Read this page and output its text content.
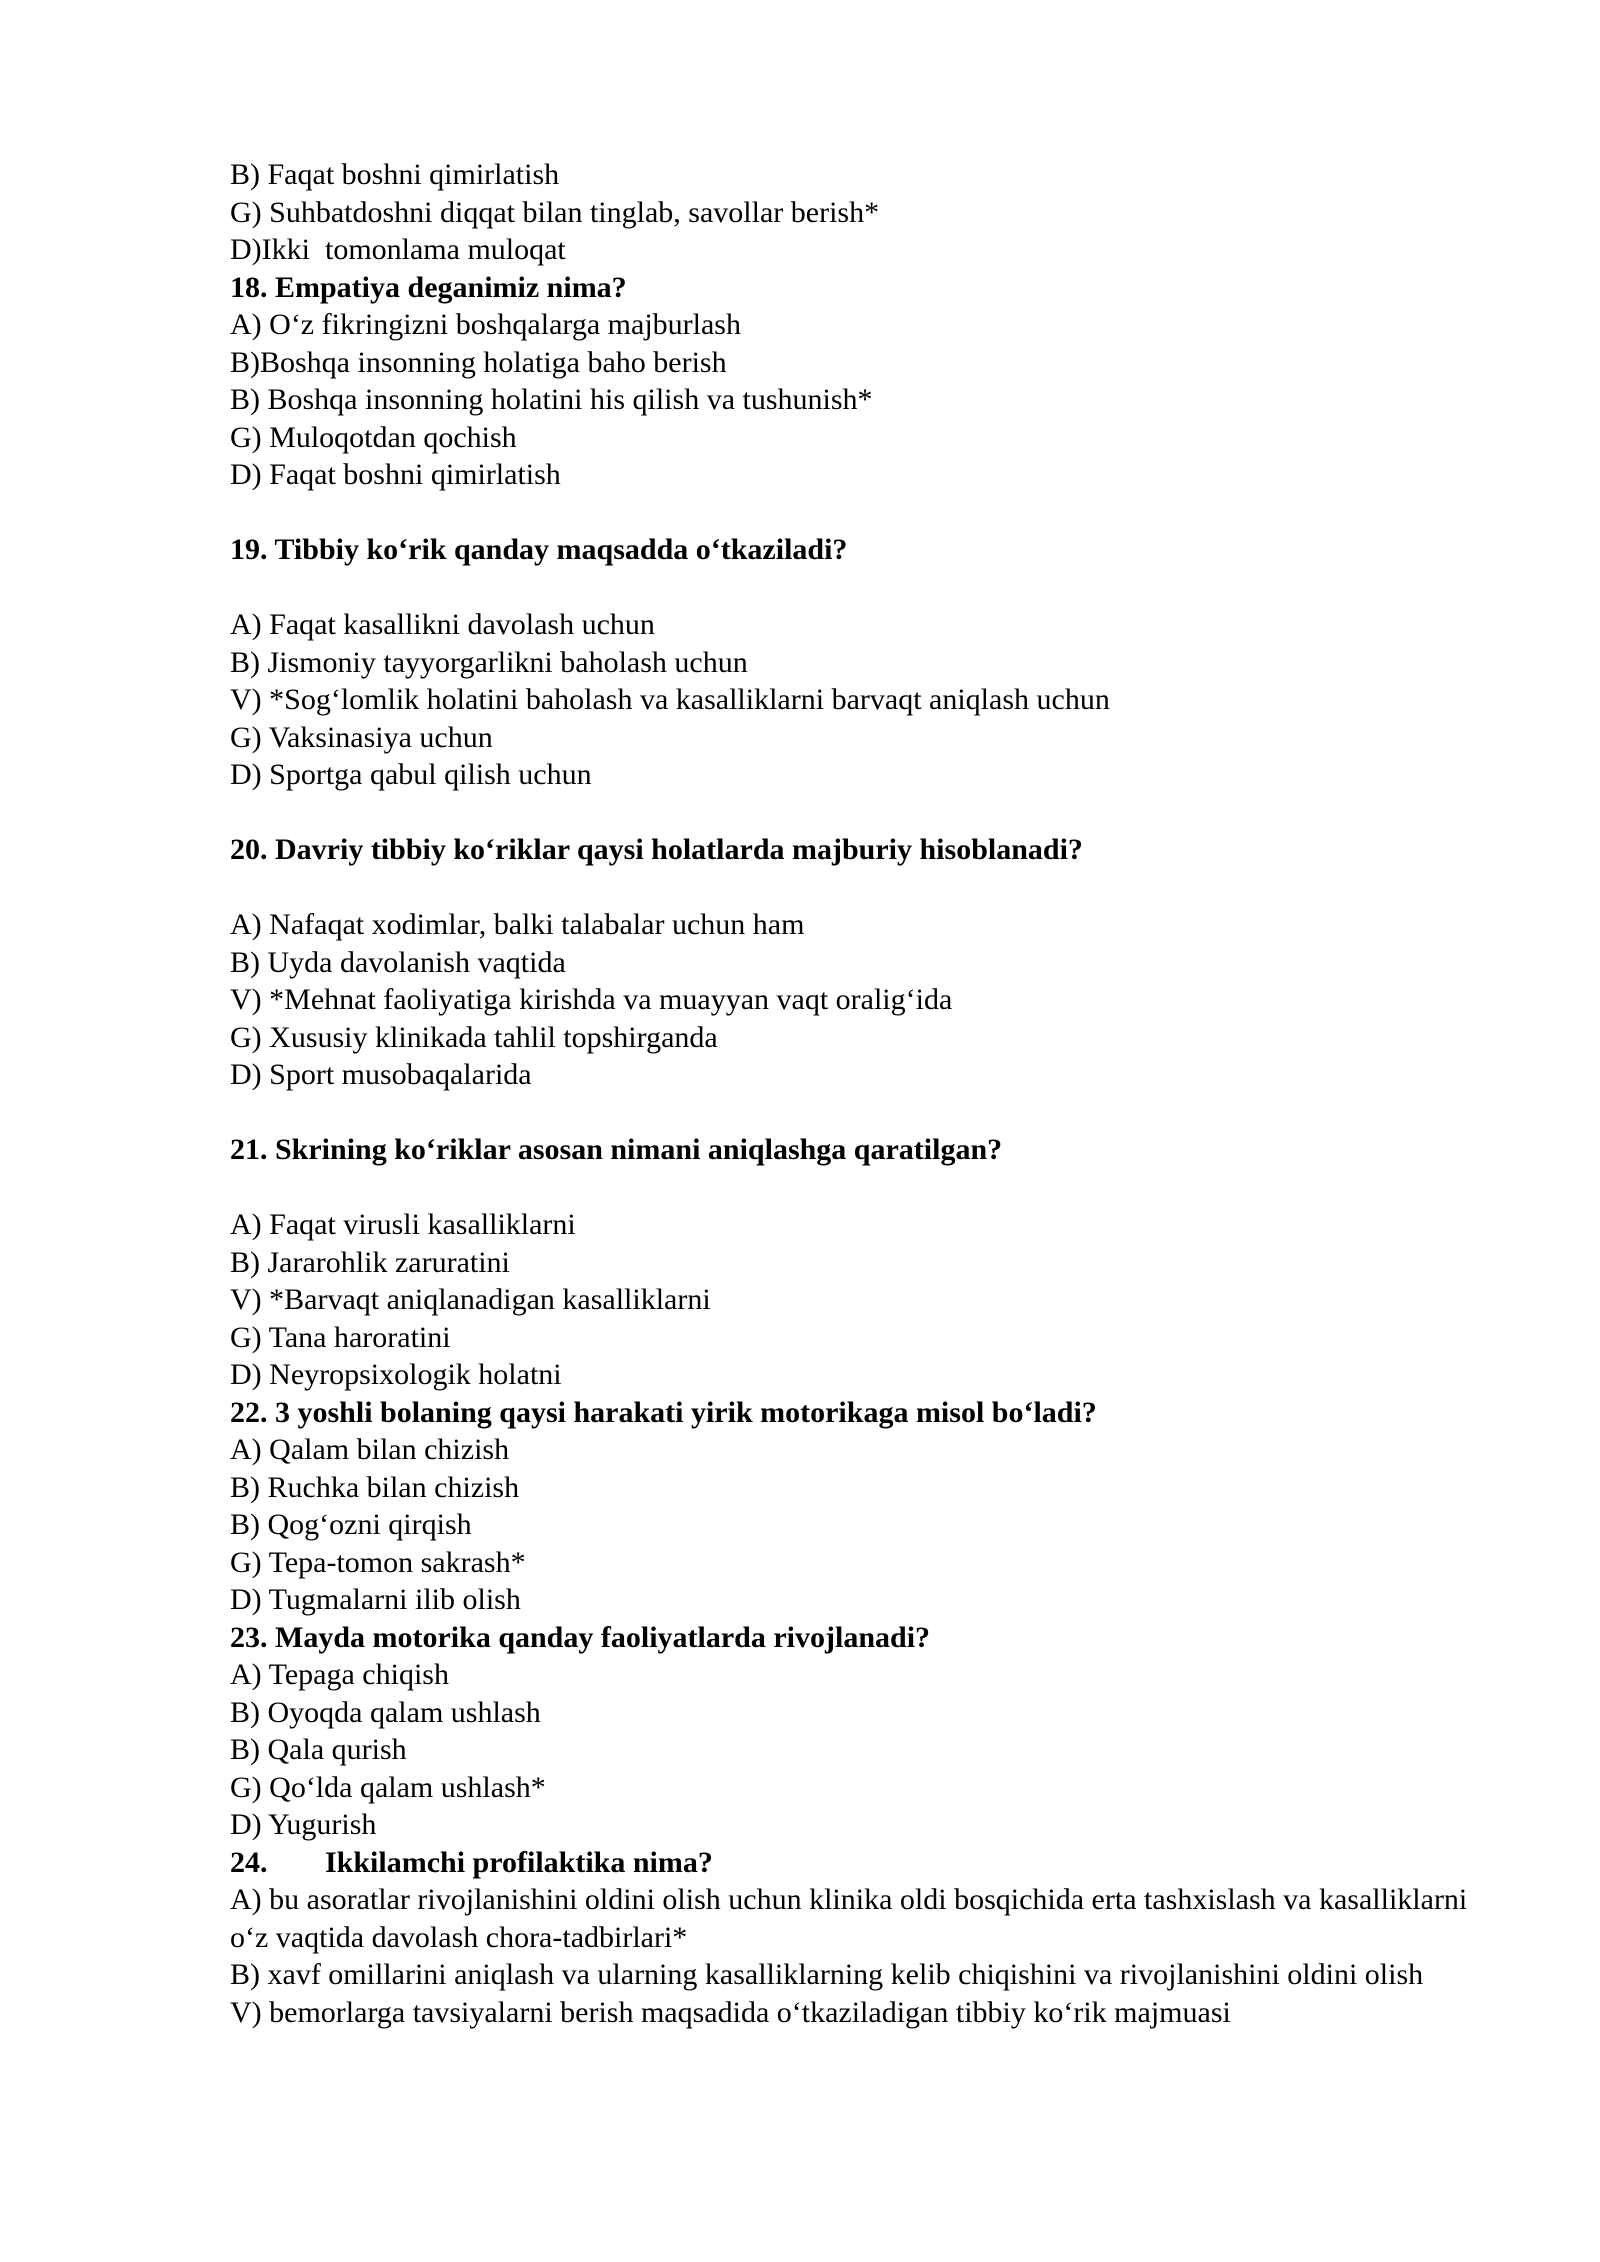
B) Faqat boshni qimirlatish
G) Suhbatdoshni diqqat bilan tinglab, savollar berish*
D)Ikki  tomonlama muloqat
18. Empatiya deganimiz nima?
A) O‘z fikringizni boshqalarga majburlash
B)Boshqa insonning holatiga baho berish
B) Boshqa insonning holatini his qilish va tushunish*
G) Muloqotdan qochish
D) Faqat boshni qimirlatish
19. Tibbiy ko‘rik qanday maqsadda o‘tkaziladi?
A) Faqat kasallikni davolash uchun
B) Jismoniy tayyorgarlikni baholash uchun
V) *Sog‘lomlik holatini baholash va kasalliklarni barvaqt aniqlash uchun
G) Vaksinasiya uchun
D) Sportga qabul qilish uchun
20. Davriy tibbiy ko‘riklar qaysi holatlarda majburiy hisoblanadi?
A) Nafaqat xodimlar, balki talabalar uchun ham
B) Uyda davolanish vaqtida
V) *Mehnat faoliyatiga kirishda va muayyan vaqt oralig‘ida
G) Xususiy klinikada tahlil topshirganda
D) Sport musobaqalarida
21. Skrining ko‘riklar asosan nimani aniqlashga qaratilgan?
A) Faqat virusli kasalliklarni
B) Jararohlik zaruratini
V) *Barvaqt aniqlanadigan kasalliklarni
G) Tana haroratini
D) Neyropsixologik holatni
22. 3 yoshli bolaning qaysi harakati yirik motorikaga misol bo‘ladi?
A) Qalam bilan chizish
B) Ruchka bilan chizish
B) Qog‘ozni qirqish
G) Tepa-tomon sakrash*
D) Tugmalarni ilib olish
23. Mayda motorika qanday faoliyatlarda rivojlanadi?
A) Tepaga chiqish
B) Oyoqda qalam ushlash
B) Qala qurish
G) Qo‘lda qalam ushlash*
D) Yugurish
24. Ikkilamchi profilaktika nima?
A) bu asoratlar rivojlanishini oldini olish uchun klinika oldi bosqichida erta tashxislash va kasalliklarni o‘z vaqtida davolash chora-tadbirlari*
B) xavf omillarini aniqlash va ularning kasalliklarning kelib chiqishini va rivojlanishini oldini olish
V) bemorlarga tavsiyalarni berish maqsadida o‘tkaziladigan tibbiy ko‘rik majmuasi
